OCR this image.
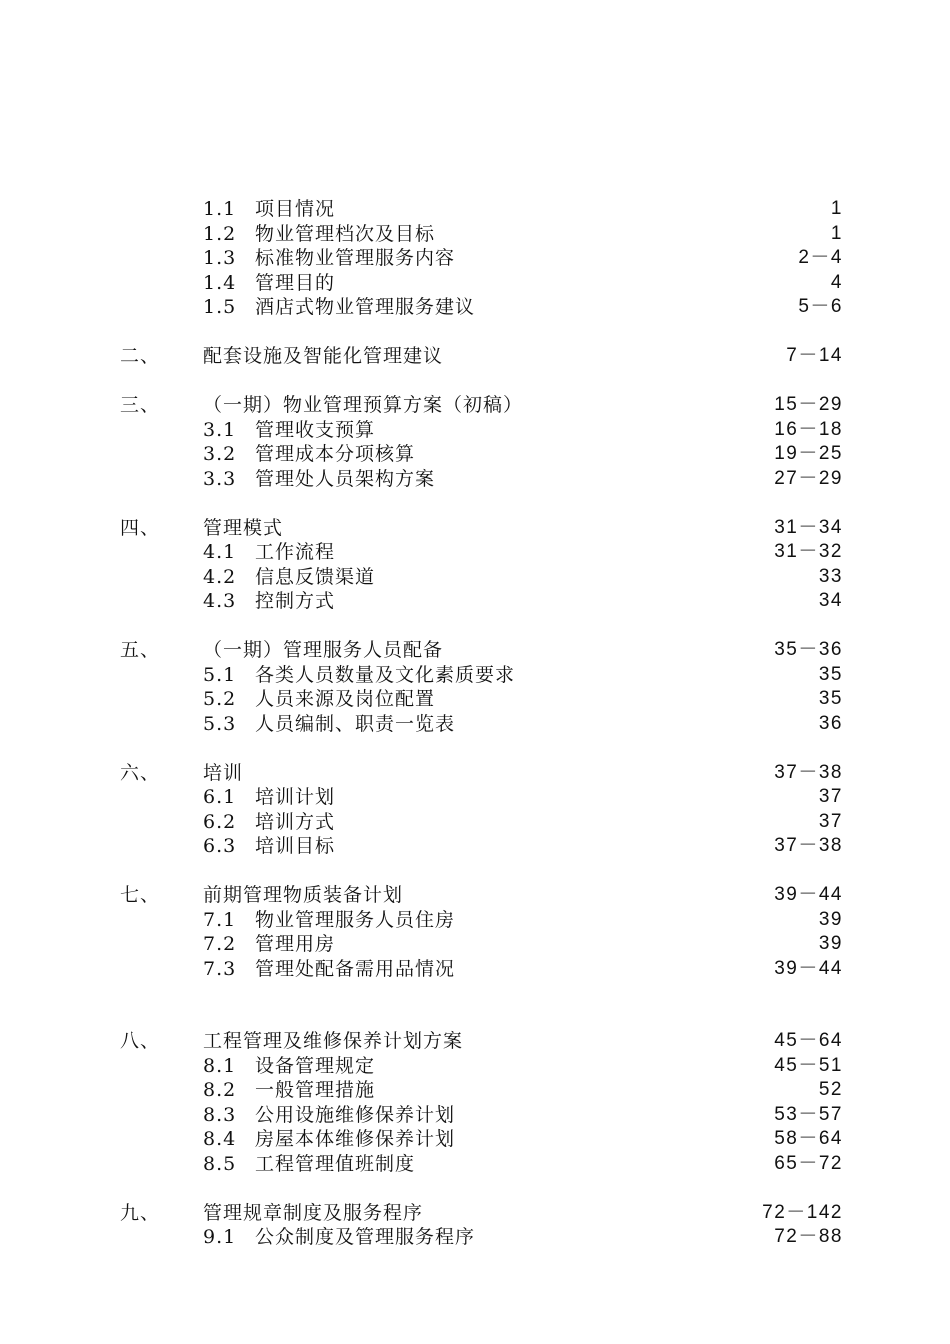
1.1 项目情况	1
1.2 物业管理档次及目标	1
1.3 标准物业管理服务内容	2－4
1.4 管理目的	4
1.5 酒店式物业管理服务建议	5－6
二、 配套设施及智能化管理建议	7－14
三、 （一期）物业管理预算方案（初稿）	15－29
3.1 管理收支预算	16－18
3.2 管理成本分项核算	19－25
3.3 管理处人员架构方案	27－29
四、 管理模式	31－34
4.1 工作流程	31－32
4.2 信息反馈渠道	33
4.3 控制方式	34
五、 （一期）管理服务人员配备	35－36
5.1 各类人员数量及文化素质要求	35
5.2 人员来源及岗位配置	35
5.3 人员编制、职责一览表	36
六、 培训	37－38
6.1 培训计划	37
6.2 培训方式	37
6.3 培训目标	37－38
七、 前期管理物质装备计划	39－44
7.1 物业管理服务人员住房	39
7.2 管理用房	39
7.3 管理处配备需用品情况	39－44
八、 工程管理及维修保养计划方案	45－64
8.1 设备管理规定	45－51
8.2 一般管理措施	52
8.3 公用设施维修保养计划	53－57
8.4 房屋本体维修保养计划	58－64
8.5 工程管理值班制度	65－72
九、 管理规章制度及服务程序	72－142
9.1 公众制度及管理服务程序	72－88
